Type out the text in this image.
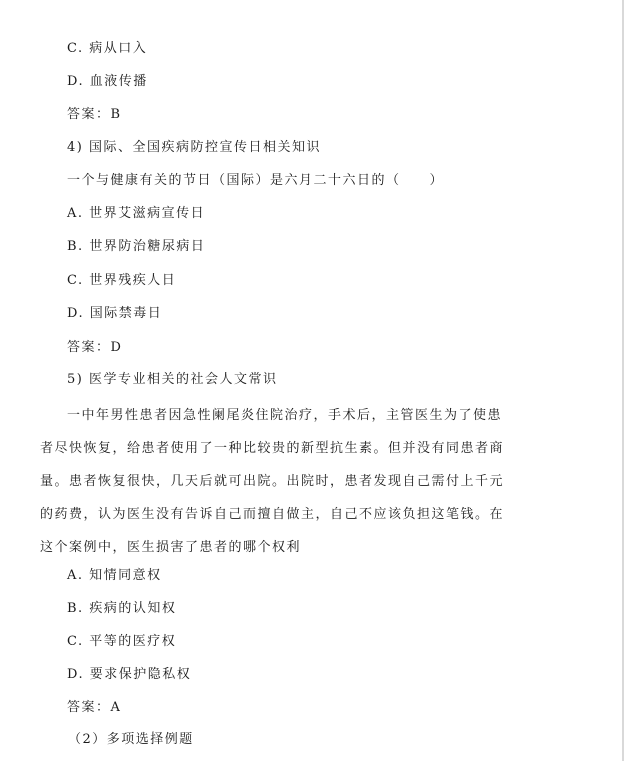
C. 病从口入
D. 血液传播
答案：B
4) 国际、全国疾病防控宣传日相关知识
一个与健康有关的节日（国际）是六月二十六日的（　　）
A. 世界艾滋病宣传日
B. 世界防治糖尿病日
C. 世界残疾人日
D. 国际禁毒日
答案：D
5) 医学专业相关的社会人文常识
一中年男性患者因急性阑尾炎住院治疗，手术后，主管医生为了使患
者尽快恢复，给患者使用了一种比较贵的新型抗生素。但并没有同患者商
量。患者恢复很快，几天后就可出院。出院时，患者发现自己需付上千元
的药费，认为医生没有告诉自己而擅自做主，自己不应该负担这笔钱。在
这个案例中，医生损害了患者的哪个权利
A. 知情同意权
B. 疾病的认知权
C. 平等的医疗权
D. 要求保护隐私权
答案：A
（2）多项选择例题
